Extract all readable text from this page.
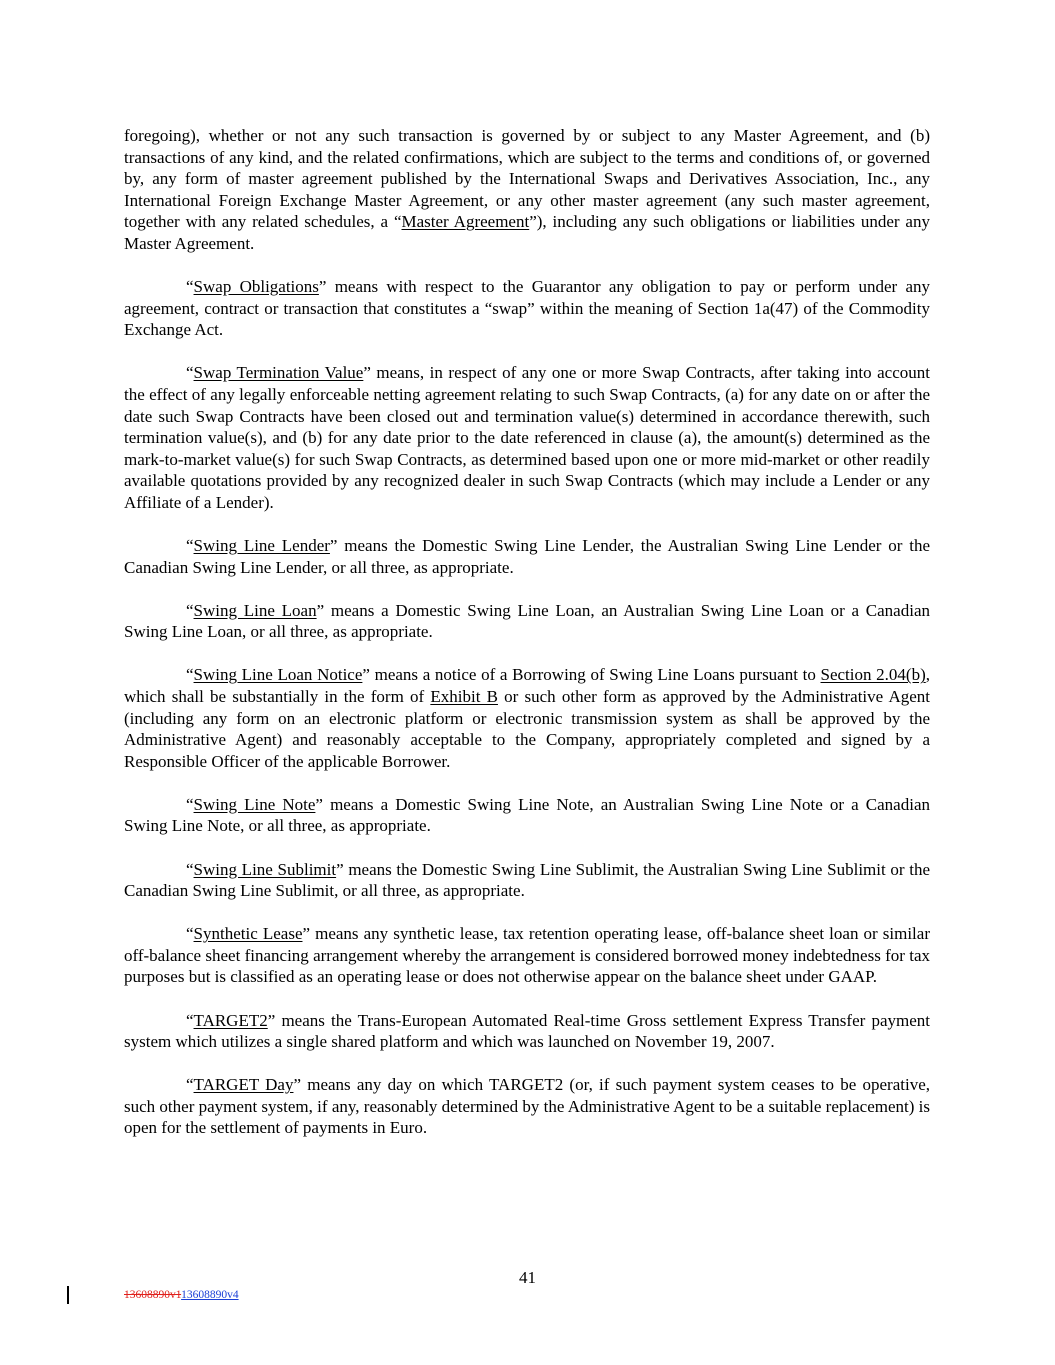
foregoing), whether or not any such transaction is governed by or subject to any Master Agreement, and (b) transactions of any kind, and the related confirmations, which are subject to the terms and conditions of, or governed by, any form of master agreement published by the International Swaps and Derivatives Association, Inc., any International Foreign Exchange Master Agreement, or any other master agreement (any such master agreement, together with any related schedules, a “Master Agreement”), including any such obligations or liabilities under any Master Agreement.

“Swap Obligations” means with respect to the Guarantor any obligation to pay or perform under any agreement, contract or transaction that constitutes a “swap” within the meaning of Section 1a(47) of the Commodity Exchange Act.

“Swap Termination Value” means, in respect of any one or more Swap Contracts, after taking into account the effect of any legally enforceable netting agreement relating to such Swap Contracts, (a) for any date on or after the date such Swap Contracts have been closed out and termination value(s) determined in accordance therewith, such termination value(s), and (b) for any date prior to the date referenced in clause (a), the amount(s) determined as the mark-to-market value(s) for such Swap Contracts, as determined based upon one or more mid-market or other readily available quotations provided by any recognized dealer in such Swap Contracts (which may include a Lender or any Affiliate of a Lender).

“Swing Line Lender” means the Domestic Swing Line Lender, the Australian Swing Line Lender or the Canadian Swing Line Lender, or all three, as appropriate.

“Swing Line Loan” means a Domestic Swing Line Loan, an Australian Swing Line Loan or a Canadian Swing Line Loan, or all three, as appropriate.

“Swing Line Loan Notice” means a notice of a Borrowing of Swing Line Loans pursuant to Section 2.04(b), which shall be substantially in the form of Exhibit B or such other form as approved by the Administrative Agent (including any form on an electronic platform or electronic transmission system as shall be approved by the Administrative Agent) and reasonably acceptable to the Company, appropriately completed and signed by a Responsible Officer of the applicable Borrower.

“Swing Line Note” means a Domestic Swing Line Note, an Australian Swing Line Note or a Canadian Swing Line Note, or all three, as appropriate.

“Swing Line Sublimit” means the Domestic Swing Line Sublimit, the Australian Swing Line Sublimit or the Canadian Swing Line Sublimit, or all three, as appropriate.

“Synthetic Lease” means any synthetic lease, tax retention operating lease, off-balance sheet loan or similar off-balance sheet financing arrangement whereby the arrangement is considered borrowed money indebtedness for tax purposes but is classified as an operating lease or does not otherwise appear on the balance sheet under GAAP.

“TARGET2” means the Trans-European Automated Real-time Gross settlement Express Transfer payment system which utilizes a single shared platform and which was launched on November 19, 2007.

“TARGET Day” means any day on which TARGET2 (or, if such payment system ceases to be operative, such other payment system, if any, reasonably determined by the Administrative Agent to be a suitable replacement) is open for the settlement of payments in Euro.

41
13608890v113608890v4
